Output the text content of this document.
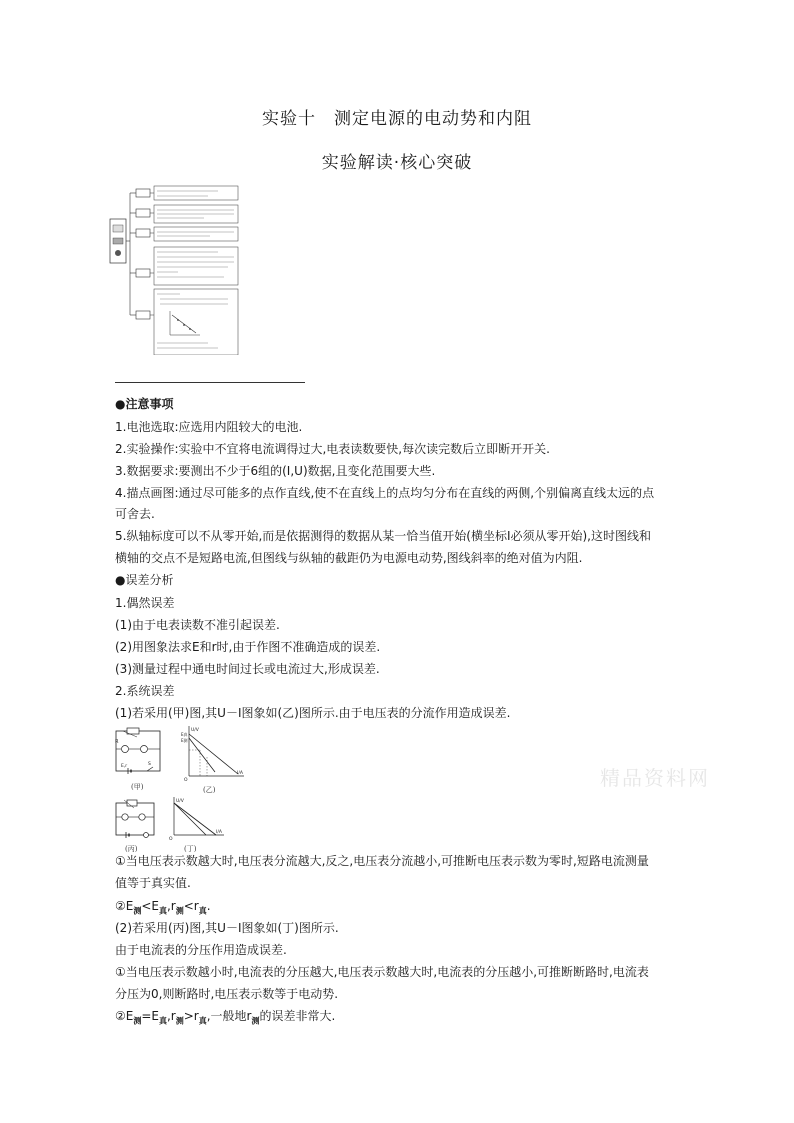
实验十　测定电源的电动势和内阻
实验解读·核心突破
●注意事项
1.电池选取:应选用内阻较大的电池.
2.实验操作:实验中不宜将电流调得过大,电表读数要快,每次读完数后立即断开开关.
3.数据要求:要测出不少于6组的(I,U)数据,且变化范围要大些.
4.描点画图:通过尽可能多的点作直线,使不在直线上的点均匀分布在直线的两侧,个别偏离直线太远的点
可舍去.
5.纵轴标度可以不从零开始,而是依据测得的数据从某一恰当值开始(横坐标I必须从零开始),这时图线和
横轴的交点不是短路电流,但图线与纵轴的截距仍为电源电动势,图线斜率的绝对值为内阻.
●误差分析
1.偶然误差
(1)由于电表读数不准引起误差.
(2)用图象法求E和r时,由于作图不准确造成的误差.
(3)测量过程中通电时间过长或电流过大,形成误差.
2.系统误差
(1)若采用(甲)图,其U－I图象如(乙)图所示.由于电压表的分流作用造成误差.
R
E,r	S
(甲)
U/V
I/A
E真
E测
O
(乙)
(丙)
U/V
I/A
O
(丁)
精品资料网
①当电压表示数越大时,电压表分流越大,反之,电压表分流越小,可推断电压表示数为零时,短路电流测量
值等于真实值.
$②E_测<E_真,r_测<r_真$.
(2)若采用(丙)图,其U－I图象如(丁)图所示.
由于电流表的分压作用造成误差.
①当电压表示数越小时,电流表的分压越大,电压表示数越大时,电流表的分压越小,可推断断路时,电流表
分压为0,则断路时,电压表示数等于电动势.
$②E_测=E_真,r_测>r_真$,一般地$r_测$的误差非常大.
